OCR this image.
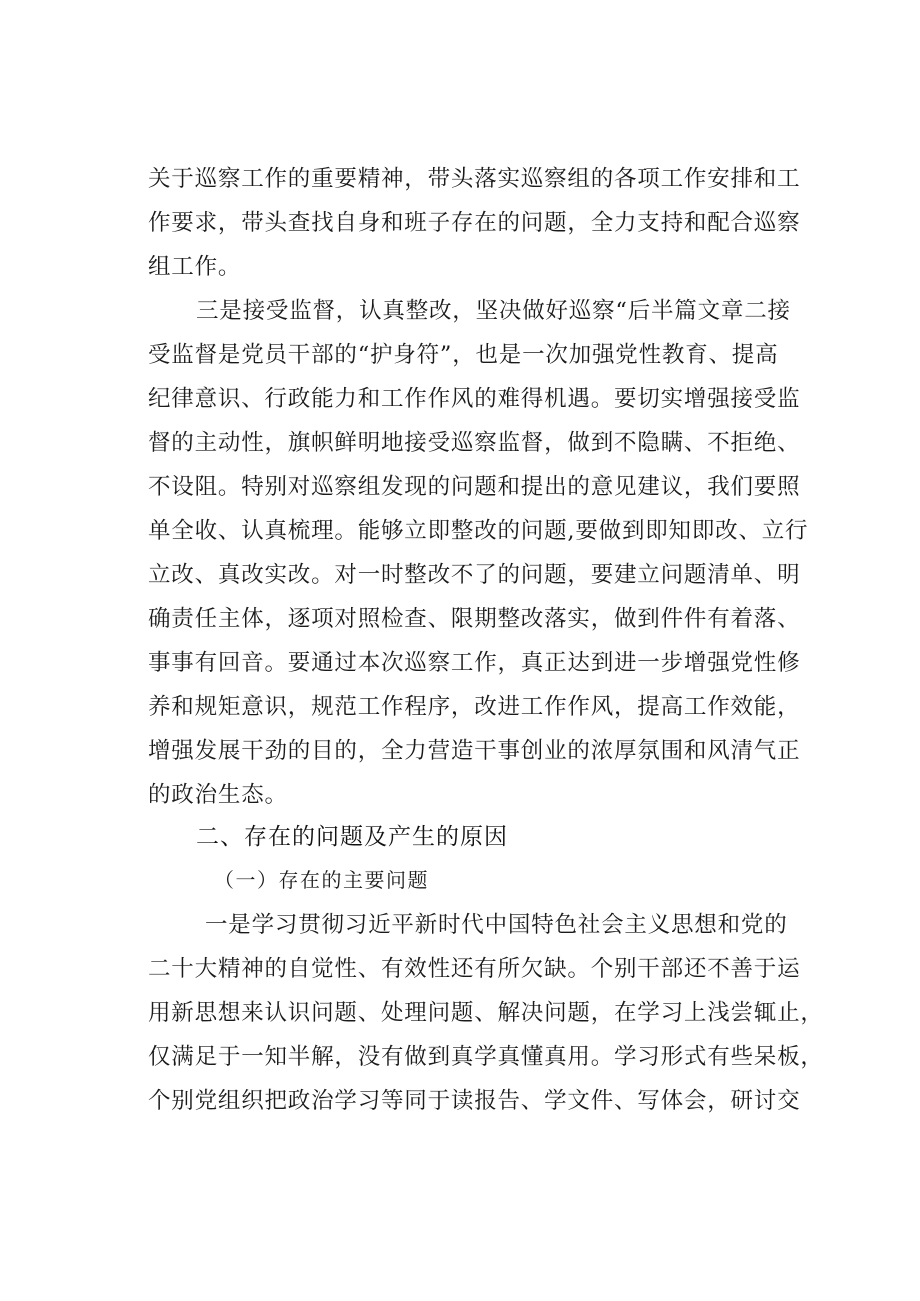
关于巡察工作的重要精神，带头落实巡察组的各项工作安排和工
作要求，带头查找自身和班子存在的问题，全力支持和配合巡察
组工作。
三是接受监督，认真整改，坚决做好巡察“后半篇文章二接
受监督是党员干部的“护身符”，也是一次加强党性教育、提高
纪律意识、行政能力和工作作风的难得机遇。要切实增强接受监
督的主动性，旗帜鲜明地接受巡察监督，做到不隐瞒、不拒绝、
不设阻。特别对巡察组发现的问题和提出的意见建议，我们要照
单全收、认真梳理。能够立即整改的问题,要做到即知即改、立行
立改、真改实改。对一时整改不了的问题，要建立问题清单、明
确责任主体，逐项对照检查、限期整改落实，做到件件有着落、
事事有回音。要通过本次巡察工作，真正达到进一步增强党性修
养和规矩意识，规范工作程序，改进工作作风，提高工作效能，
增强发展干劲的目的，全力营造干事创业的浓厚氛围和风清气正
的政治生态。
二、存在的问题及产生的原因
（一）存在的主要问题
一是学习贯彻习近平新时代中国特色社会主义思想和党的
二十大精神的自觉性、有效性还有所欠缺。个别干部还不善于运
用新思想来认识问题、处理问题、解决问题，在学习上浅尝辄止，
仅满足于一知半解，没有做到真学真懂真用。学习形式有些呆板，
个别党组织把政治学习等同于读报告、学文件、写体会，研讨交
